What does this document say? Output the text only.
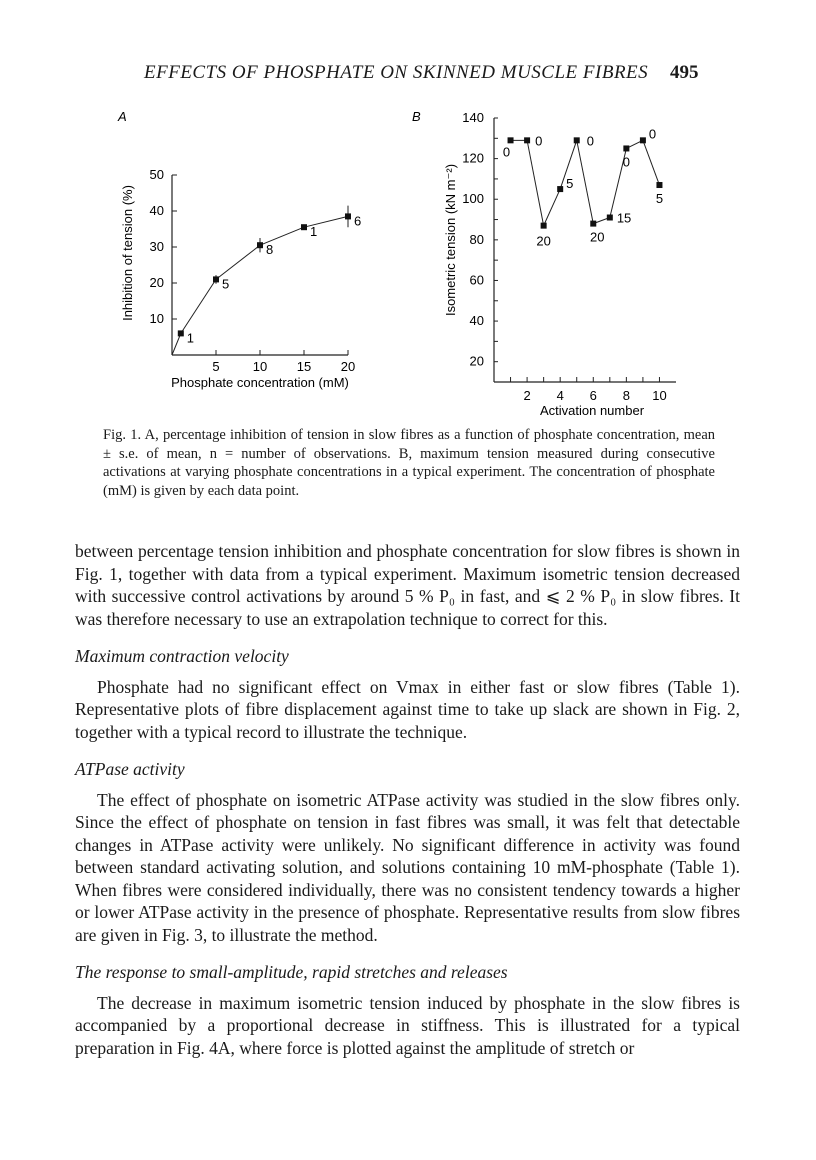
EFFECTS OF PHOSPHATE ON SKINNED MUSCLE FIBRES 495
A
5	10 15 20
10
20
30
40
50
1
5
8
1
6
Phosphate concentration (mM)
Inhibition of tension (%)
B
2 4 6 8 10
20
40
60
80
100
120
140
0
0
20
5
0
20
15
0
0
5
Activation number
Isometric tension (kN m⁻²)
Fig. 1. A, percentage inhibition of tension in slow fibres as a function of phosphate concentration, mean ± s.e. of mean, n = number of observations. B, maximum tension measured during consecutive activations at varying phosphate concentrations in a typical experiment. The concentration of phosphate (mM) is given by each data point.

between percentage tension inhibition and phosphate concentration for slow fibres is shown in Fig. 1, together with data from a typical experiment. Maximum isometric tension decreased with successive control activations by around 5 % P₀ in fast, and ⩽ 2 % P₀ in slow fibres. It was therefore necessary to use an extrapolation technique to correct for this.

Maximum contraction velocity

Phosphate had no significant effect on Vmax in either fast or slow fibres (Table 1). Representative plots of fibre displacement against time to take up slack are shown in Fig. 2, together with a typical record to illustrate the technique.

ATPase activity

The effect of phosphate on isometric ATPase activity was studied in the slow fibres only. Since the effect of phosphate on tension in fast fibres was small, it was felt that detectable changes in ATPase activity were unlikely. No significant difference in activity was found between standard activating solution, and solutions containing 10 mM-phosphate (Table 1). When fibres were considered individually, there was no consistent tendency towards a higher or lower ATPase activity in the presence of phosphate. Representative results from slow fibres are given in Fig. 3, to illustrate the method.

The response to small-amplitude, rapid stretches and releases

The decrease in maximum isometric tension induced by phosphate in the slow fibres is accompanied by a proportional decrease in stiffness. This is illustrated for a typical preparation in Fig. 4A, where force is plotted against the amplitude of stretch or
